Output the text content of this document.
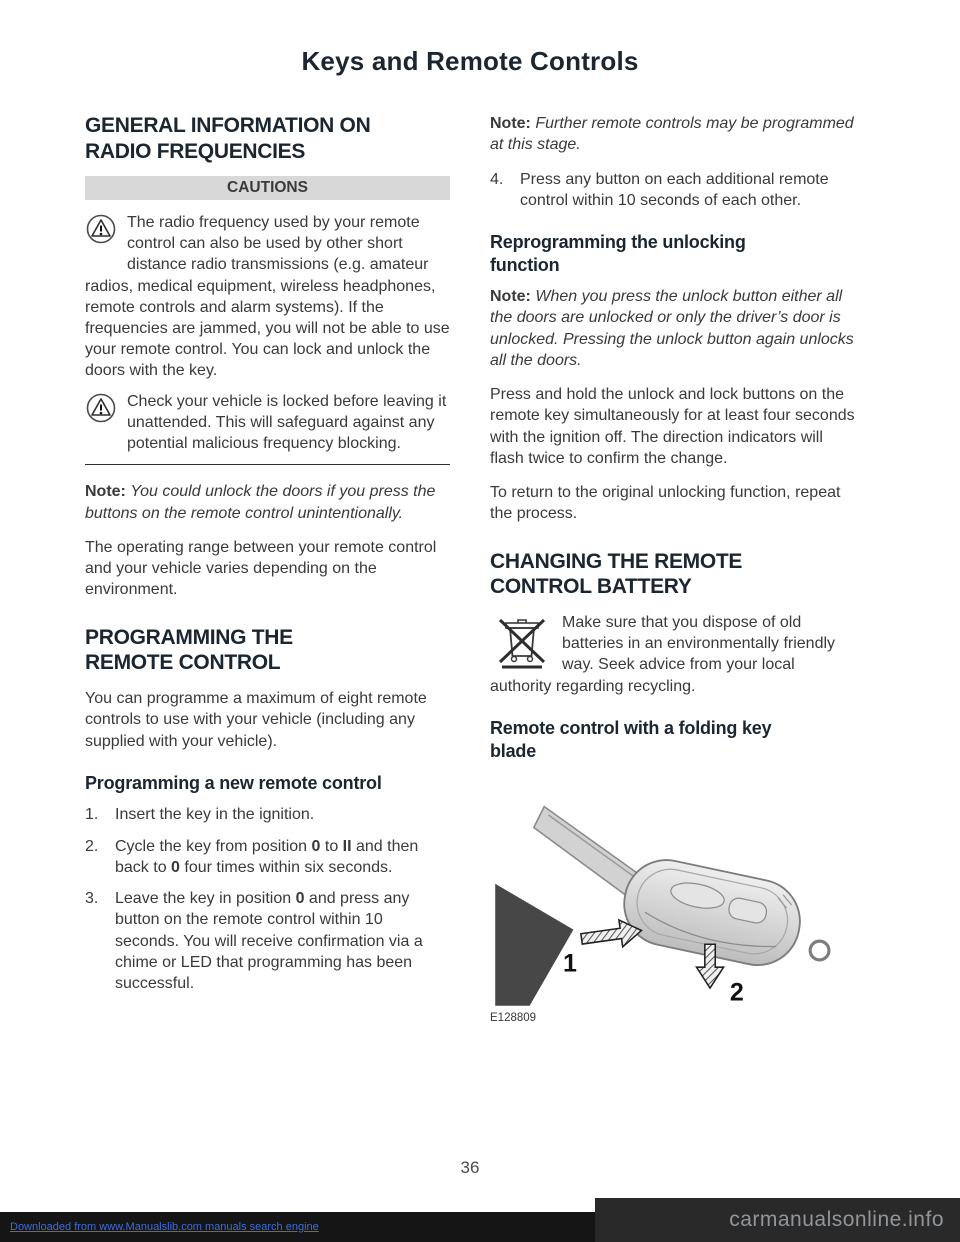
Keys and Remote Controls
GENERAL INFORMATION ON RADIO FREQUENCIES
CAUTIONS
The radio frequency used by your remote control can also be used by other short distance radio transmissions (e.g. amateur radios, medical equipment, wireless headphones, remote controls and alarm systems). If the frequencies are jammed, you will not be able to use your remote control. You can lock and unlock the doors with the key.
Check your vehicle is locked before leaving it unattended. This will safeguard against any potential malicious frequency blocking.

Note: You could unlock the doors if you press the buttons on the remote control unintentionally.

The operating range between your remote control and your vehicle varies depending on the environment.

PROGRAMMING THE REMOTE CONTROL

You can programme a maximum of eight remote controls to use with your vehicle (including any supplied with your vehicle).

Programming a new remote control
1.	Insert the key in the ignition.
2.	Cycle the key from position 0 to II and then back to 0 four times within six seconds.
3.	Leave the key in position 0 and press any button on the remote control within 10 seconds. You will receive confirmation via a chime or LED that programming has been successful.

Note: Further remote controls may be programmed at this stage.

4.	Press any button on each additional remote control within 10 seconds of each other.
Reprogramming the unlocking function

Note: When you press the unlock button either all the doors are unlocked or only the driver’s door is unlocked. Pressing the unlock button again unlocks all the doors.

Press and hold the unlock and lock buttons on the remote key simultaneously for at least four seconds with the ignition off. The direction indicators will flash twice to confirm the change.

To return to the original unlocking function, repeat the process.

CHANGING THE REMOTE CONTROL BATTERY
Make sure that you dispose of old batteries in an environmentally friendly way. Seek advice from your local authority regarding recycling.
Remote control with a folding key blade
1
2
E128809
36
Downloaded from www.Manualslib.com manuals search engine	carmanualsonline.info
